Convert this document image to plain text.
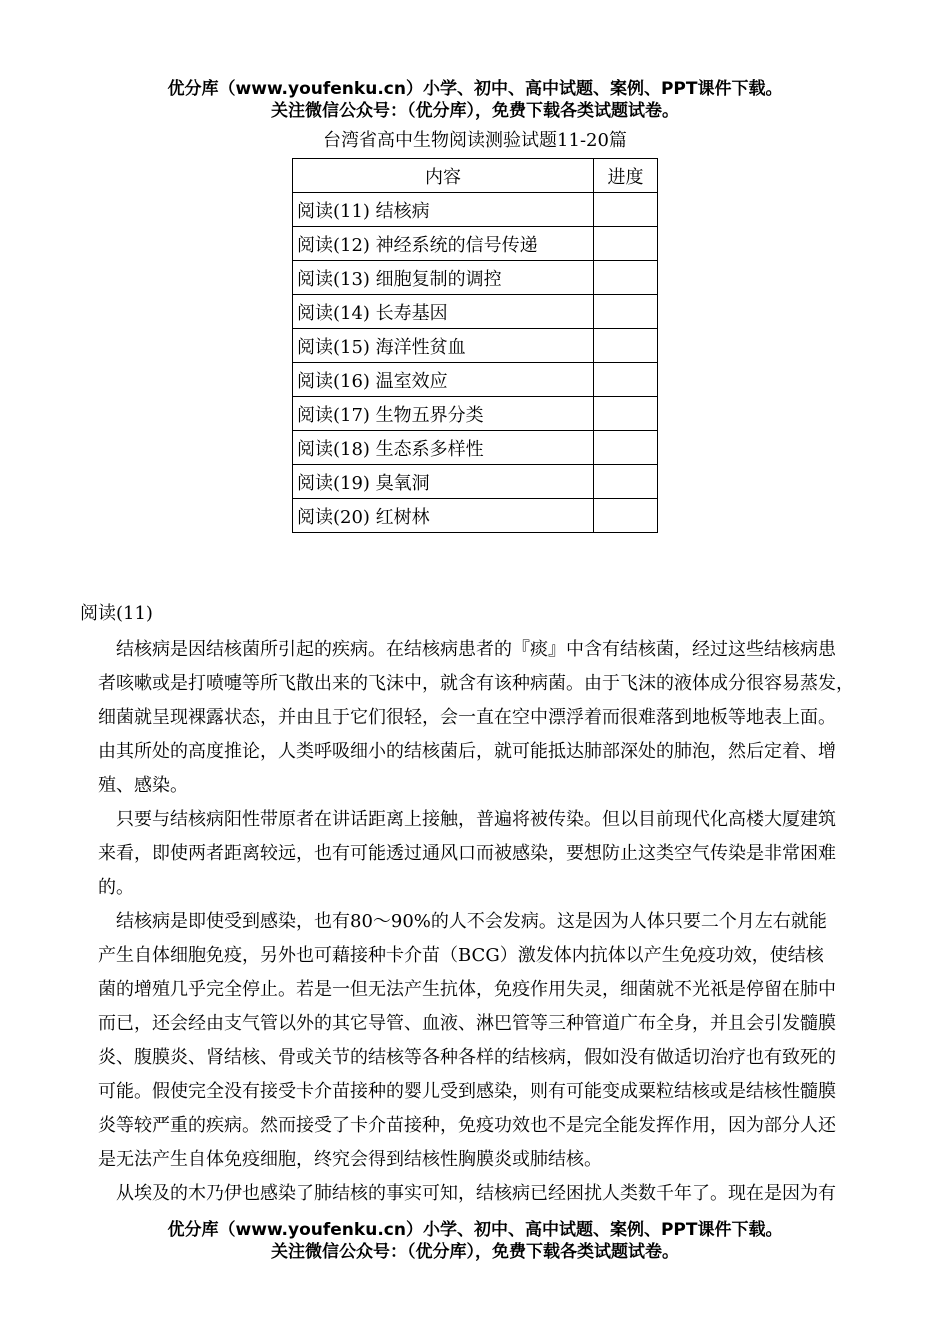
优分库（www.youfenku.cn）小学、初中、高中试题、案例、PPT课件下载。
关注微信公众号：（优分库），免费下载各类试题试卷。
台湾省高中生物阅读测验试题11-20篇
内容	进度
阅读(11) 结核病	
阅读(12) 神经系统的信号传递	
阅读(13) 细胞复制的调控	
阅读(14) 长寿基因	
阅读(15) 海洋性贫血	
阅读(16) 温室效应	
阅读(17) 生物五界分类	
阅读(18) 生态系多样性	
阅读(19) 臭氧洞	
阅读(20) 红树林	
阅读(11)

结核病是因结核菌所引起的疾病。在结核病患者的『痰』中含有结核菌，经过这些结核病患
者咳嗽或是打喷嚏等所飞散出来的飞沫中，就含有该种病菌。由于飞沫的液体成分很容易蒸发，
细菌就呈现裸露状态，并由且于它们很轻，会一直在空中漂浮着而很难落到地板等地表上面。
由其所处的高度推论，人类呼吸细小的结核菌后，就可能抵达肺部深处的肺泡，然后定着、增
殖、感染。

只要与结核病阳性带原者在讲话距离上接触，普遍将被传染。但以目前现代化高楼大厦建筑
来看，即使两者距离较远，也有可能透过通风口而被感染，要想防止这类空气传染是非常困难
的。

结核病是即使受到感染，也有80～90%的人不会发病。这是因为人体只要二个月左右就能
产生自体细胞免疫，另外也可藉接种卡介苗（BCG）激发体内抗体以产生免疫功效，使结核
菌的增殖几乎完全停止。若是一但无法产生抗体，免疫作用失灵，细菌就不光祇是停留在肺中
而已，还会经由支气管以外的其它导管、血液、淋巴管等三种管道广布全身，并且会引发髓膜
炎、腹膜炎、肾结核、骨或关节的结核等各种各样的结核病，假如没有做适切治疗也有致死的
可能。假使完全没有接受卡介苗接种的婴儿受到感染，则有可能变成粟粒结核或是结核性髓膜
炎等较严重的疾病。然而接受了卡介苗接种，免疫功效也不是完全能发挥作用，因为部分人还
是无法产生自体免疫细胞，终究会得到结核性胸膜炎或肺结核。

从埃及的木乃伊也感染了肺结核的事实可知，结核病已经困扰人类数千年了。现在是因为有

优分库（www.youfenku.cn）小学、初中、高中试题、案例、PPT课件下载。
关注微信公众号：（优分库），免费下载各类试题试卷。
